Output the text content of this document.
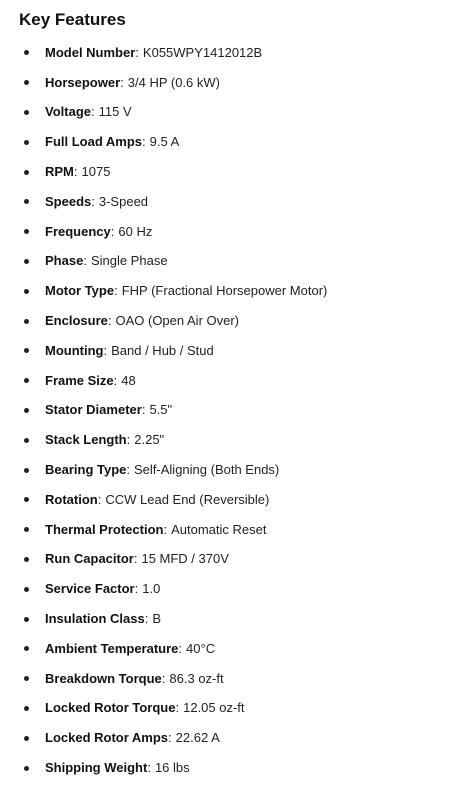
Key Features
Model Number : K055WPY1412012B
Horsepower : 3/4 HP (0.6 kW)
Voltage : 115 V
Full Load Amps : 9.5 A
RPM : 1075
Speeds : 3-Speed
Frequency : 60 Hz
Phase : Single Phase
Motor Type : FHP (Fractional Horsepower Motor)
Enclosure : OAO (Open Air Over)
Mounting : Band / Hub / Stud
Frame Size : 48
Stator Diameter : 5.5"
Stack Length : 2.25"
Bearing Type : Self-Aligning (Both Ends)
Rotation : CCW Lead End (Reversible)
Thermal Protection : Automatic Reset
Run Capacitor : 15 MFD / 370V
Service Factor : 1.0
Insulation Class : B
Ambient Temperature : 40°C
Breakdown Torque : 86.3 oz-ft
Locked Rotor Torque : 12.05 oz-ft
Locked Rotor Amps : 22.62 A
Shipping Weight : 16 lbs
